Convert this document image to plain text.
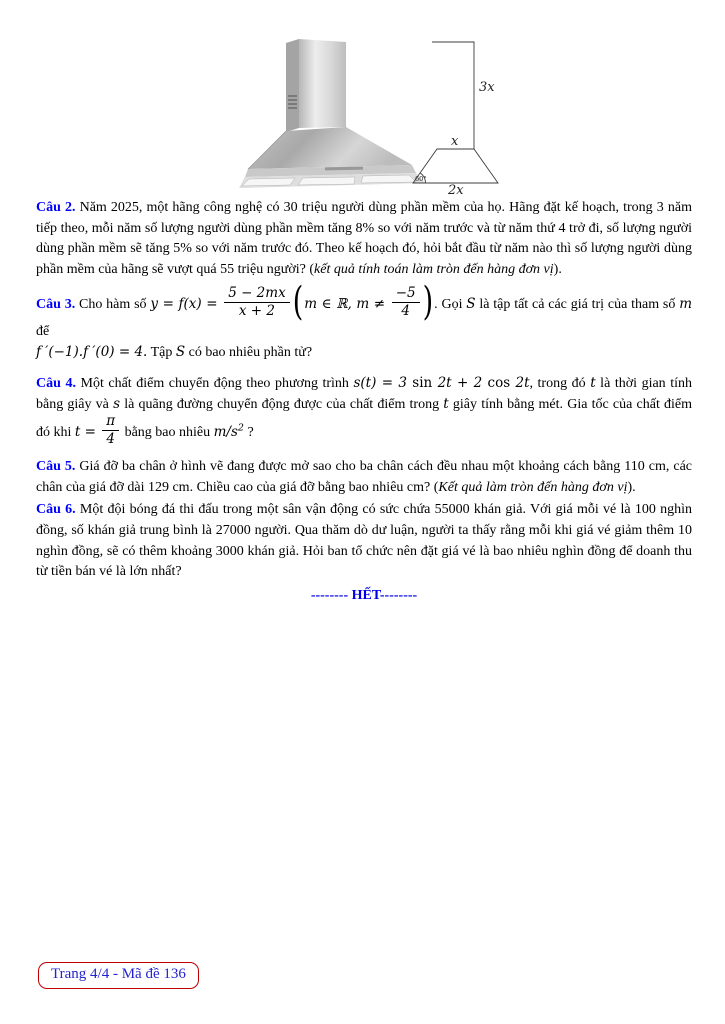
3x
x
2x
60°

Câu 2. Năm 2025, một hãng công nghệ có 30 triệu người dùng phần mềm của họ. Hãng đặt kế hoạch, trong 3 năm tiếp theo, mỗi năm số lượng người dùng phần mềm tăng 8% so với năm trước và từ năm thứ 4 trở đi, số lượng người dùng phần mềm sẽ tăng 5% so với năm trước đó. Theo kế hoạch đó, hỏi bắt đầu từ năm nào thì số lượng người dùng phần mềm của hãng sẽ vượt quá 55 triệu người? (kết quả tính toán làm tròn đến hàng đơn vị).

Câu 3. Cho hàm số $y = f(x) = \frac{5 - 2mx}{x + 2} (m$ ∈ ℝ, $m \ne \frac{-5}{4}$ ). Gọi S là tập tất cả các giá trị của tham số m để
f ′(−1).f ′(0) = 4. Tập S có bao nhiêu phần tử?

Câu 4. Một chất điểm chuyển động theo phương trình s(t) = 3 sin 2t + 2 cos 2t, trong đó t là thời gian tính bằng giây và s là quãng đường chuyển động được của chất điểm trong t giây tính bằng mét. Gia tốc của chất điểm đó khi $t = \frac{\pi}{4}$ bằng bao nhiêu $m/s^2$ ?

Câu 5. Giá đỡ ba chân ở hình vẽ đang được mở sao cho ba chân cách đều nhau một khoảng cách bằng 110 cm, các chân của giá đỡ dài 129 cm. Chiều cao của giá đỡ bằng bao nhiêu cm? (Kết quả làm tròn đến hàng đơn vị).

Câu 6. Một đội bóng đá thi đấu trong một sân vận động có sức chứa 55000 khán giả. Với giá mỗi vé là 100 nghìn đồng, số khán giả trung bình là 27000 người. Qua thăm dò dư luận, người ta thấy rằng mỗi khi giá vé giảm thêm 10 nghìn đồng, sẽ có thêm khoảng 3000 khán giả. Hỏi ban tổ chức nên đặt giá vé là bao nhiêu nghìn đồng để doanh thu từ tiền bán vé là lớn nhất?

-------- HẾT--------
Trang 4/4 - Mã đề 136
